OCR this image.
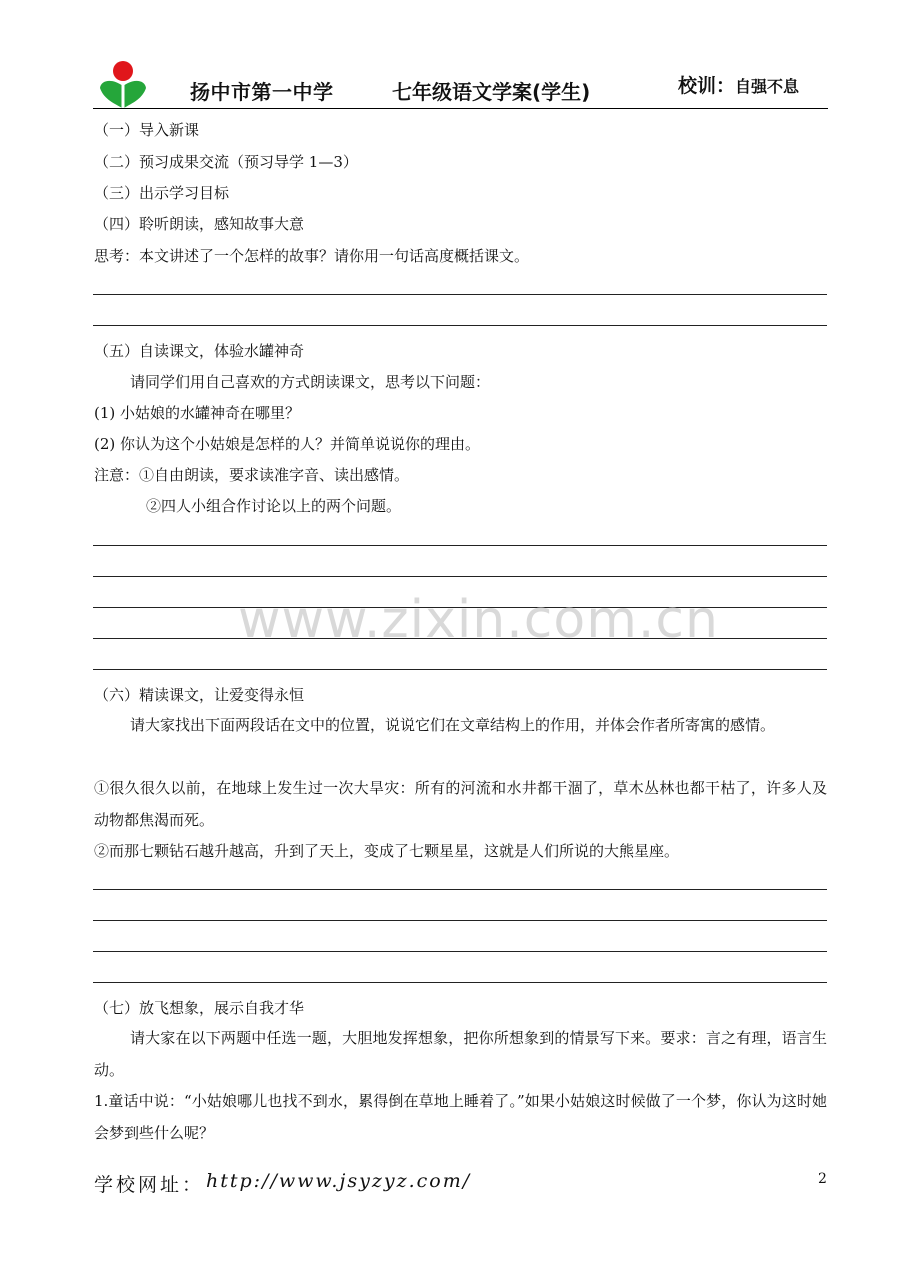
扬中市第一中学	七年级语文学案(学生)	校训：自强不息
（一）导入新课
（二）预习成果交流（预习导学 1—3）
（三）出示学习目标
（四）聆听朗读，感知故事大意
思考：本文讲述了一个怎样的故事？请你用一句话高度概括课文。
（五）自读课文，体验水罐神奇
请同学们用自己喜欢的方式朗读课文，思考以下问题：
(1) 小姑娘的水罐神奇在哪里？
(2) 你认为这个小姑娘是怎样的人？并简单说说你的理由。
注意：①自由朗读，要求读准字音、读出感情。
②四人小组合作讨论以上的两个问题。
www.zixin.com.cn
（六）精读课文，让爱变得永恒
请大家找出下面两段话在文中的位置，说说它们在文章结构上的作用，并体会作者所寄寓的感情。
①很久很久以前，在地球上发生过一次大旱灾：所有的河流和水井都干涸了，草木丛林也都干枯了，许多人及动物都焦渴而死。
②而那七颗钻石越升越高，升到了天上，变成了七颗星星，这就是人们所说的大熊星座。
（七）放飞想象，展示自我才华
请大家在以下两题中任选一题，大胆地发挥想象，把你所想象到的情景写下来。要求：言之有理，语言生动。
1.童话中说：“小姑娘哪儿也找不到水，累得倒在草地上睡着了。”如果小姑娘这时候做了一个梦，你认为这时她会梦到些什么呢？
学校网址： http://www.jsyzyz.com/	2
